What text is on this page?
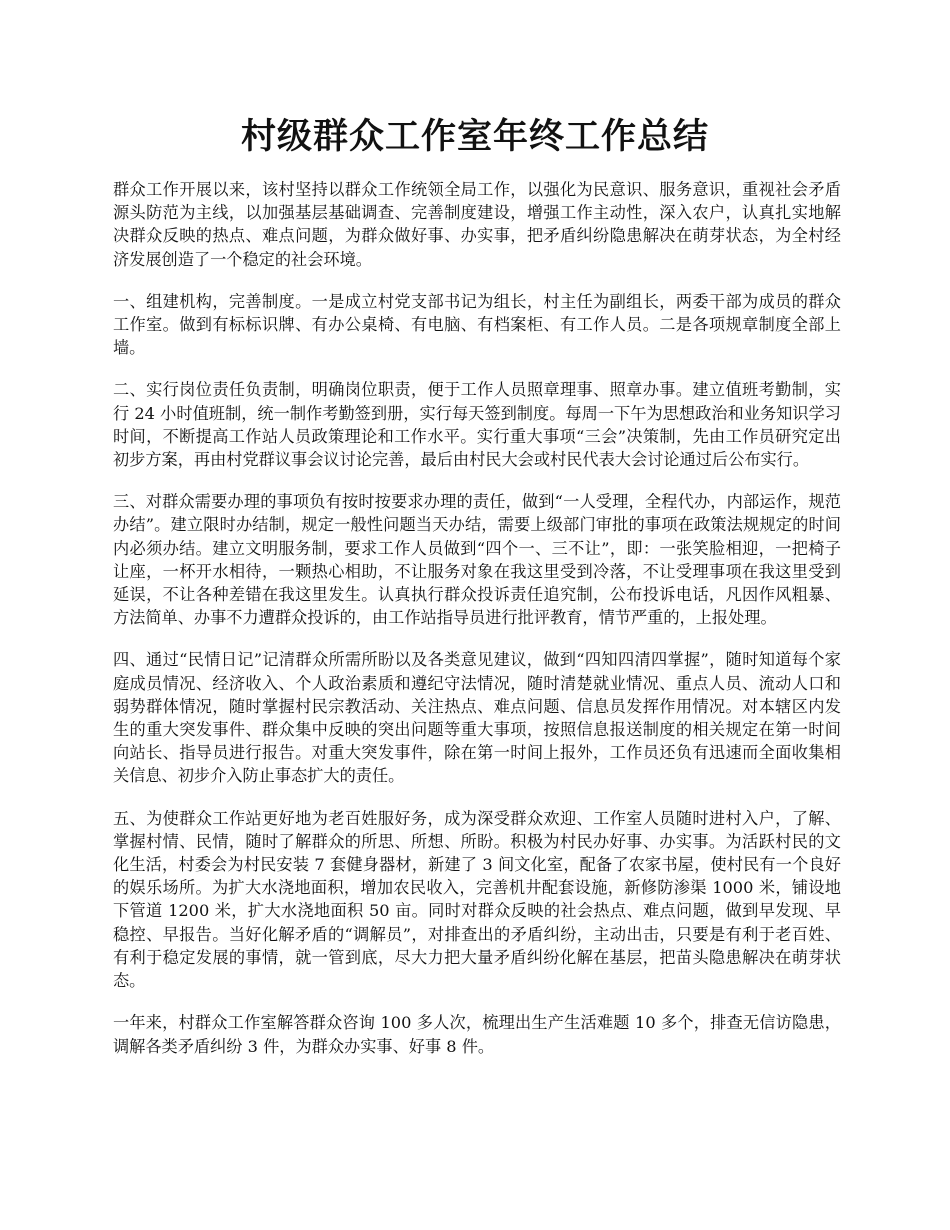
村级群众工作室年终工作总结

群众工作开展以来，该村坚持以群众工作统领全局工作，以强化为民意识、服务意识，重视社会矛盾源头防范为主线，以加强基层基础调查、完善制度建设，增强工作主动性，深入农户，认真扎实地解决群众反映的热点、难点问题，为群众做好事、办实事，把矛盾纠纷隐患解决在萌芽状态，为全村经济发展创造了一个稳定的社会环境。

一、组建机构，完善制度。一是成立村党支部书记为组长，村主任为副组长，两委干部为成员的群众工作室。做到有标标识牌、有办公桌椅、有电脑、有档案柜、有工作人员。二是各项规章制度全部上墙。

二、实行岗位责任负责制，明确岗位职责，便于工作人员照章理事、照章办事。建立值班考勤制，实行 24 小时值班制，统一制作考勤签到册，实行每天签到制度。每周一下午为思想政治和业务知识学习时间，不断提高工作站人员政策理论和工作水平。实行重大事项“三会”决策制，先由工作员研究定出初步方案，再由村党群议事会议讨论完善，最后由村民大会或村民代表大会讨论通过后公布实行。

三、对群众需要办理的事项负有按时按要求办理的责任，做到“一人受理，全程代办，内部运作，规范办结”。建立限时办结制，规定一般性问题当天办结，需要上级部门审批的事项在政策法规规定的时间内必须办结。建立文明服务制，要求工作人员做到“四个一、三不让”，即：一张笑脸相迎，一把椅子让座，一杯开水相待，一颗热心相助，不让服务对象在我这里受到冷落，不让受理事项在我这里受到延误，不让各种差错在我这里发生。认真执行群众投诉责任追究制，公布投诉电话，凡因作风粗暴、方法简单、办事不力遭群众投诉的，由工作站指导员进行批评教育，情节严重的，上报处理。

四、通过“民情日记”记清群众所需所盼以及各类意见建议，做到“四知四清四掌握”，随时知道每个家庭成员情况、经济收入、个人政治素质和遵纪守法情况，随时清楚就业情况、重点人员、流动人口和弱势群体情况，随时掌握村民宗教活动、关注热点、难点问题、信息员发挥作用情况。对本辖区内发生的重大突发事件、群众集中反映的突出问题等重大事项，按照信息报送制度的相关规定在第一时间向站长、指导员进行报告。对重大突发事件，除在第一时间上报外，工作员还负有迅速而全面收集相关信息、初步介入防止事态扩大的责任。

五、为使群众工作站更好地为老百姓服好务，成为深受群众欢迎、工作室人员随时进村入户，了解、掌握村情、民情，随时了解群众的所思、所想、所盼。积极为村民办好事、办实事。为活跃村民的文化生活，村委会为村民安装 7 套健身器材，新建了 3 间文化室，配备了农家书屋，使村民有一个良好的娱乐场所。为扩大水浇地面积，增加农民收入，完善机井配套设施，新修防渗渠 1000 米，铺设地下管道 1200 米，扩大水浇地面积 50 亩。同时对群众反映的社会热点、难点问题，做到早发现、早稳控、早报告。当好化解矛盾的“调解员”，对排查出的矛盾纠纷，主动出击，只要是有利于老百姓、有利于稳定发展的事情，就一管到底，尽大力把大量矛盾纠纷化解在基层，把苗头隐患解决在萌芽状态。

一年来，村群众工作室解答群众咨询 100 多人次，梳理出生产生活难题 10 多个，排查无信访隐患，调解各类矛盾纠纷 3 件，为群众办实事、好事 8 件。
